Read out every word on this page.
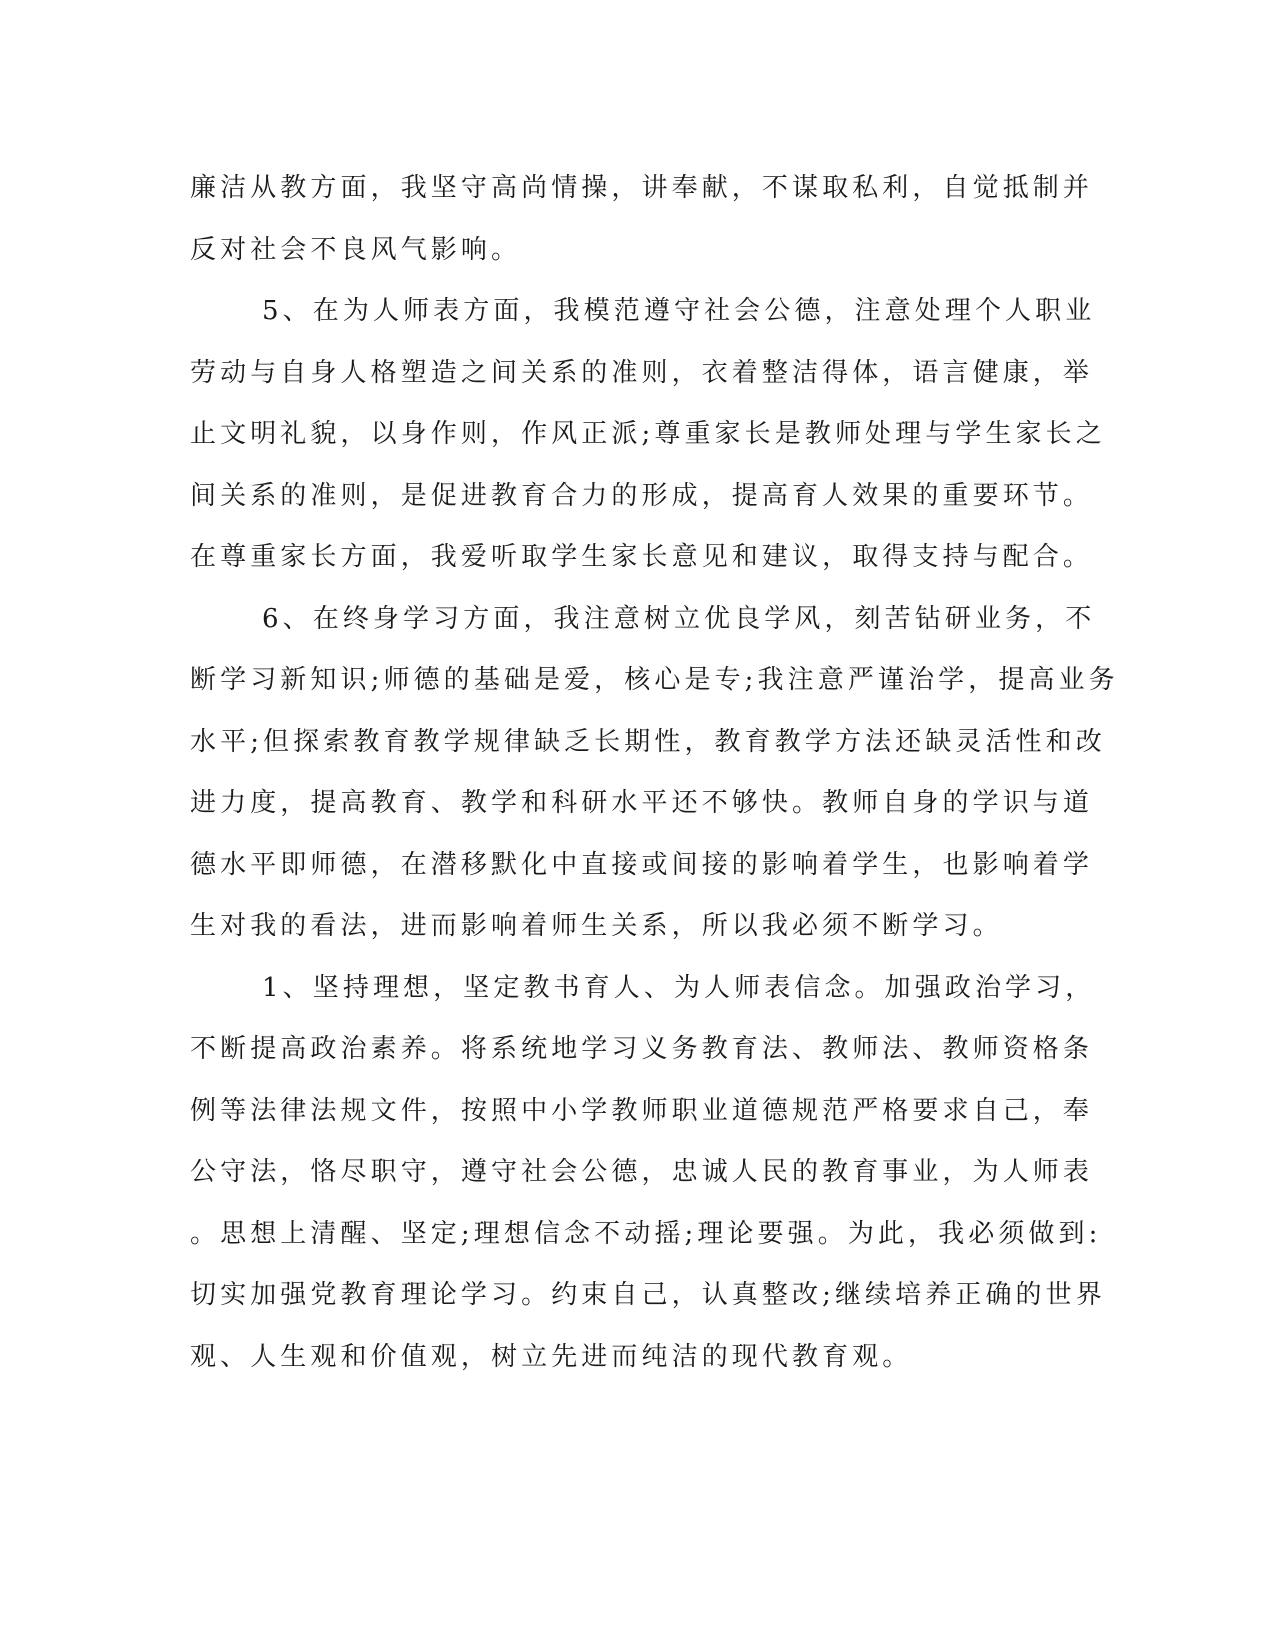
廉洁从教方面，我坚守高尚情操，讲奉献，不谋取私利，自觉抵制并
反对社会不良风气影响。
5、在为人师表方面，我模范遵守社会公德，注意处理个人职业
劳动与自身人格塑造之间关系的准则，衣着整洁得体，语言健康，举
止文明礼貌，以身作则，作风正派;尊重家长是教师处理与学生家长之
间关系的准则，是促进教育合力的形成，提高育人效果的重要环节。
在尊重家长方面，我爱听取学生家长意见和建议，取得支持与配合。
6、在终身学习方面，我注意树立优良学风，刻苦钻研业务，不
断学习新知识;师德的基础是爱，核心是专;我注意严谨治学，提高业务
水平;但探索教育教学规律缺乏长期性，教育教学方法还缺灵活性和改
进力度，提高教育、教学和科研水平还不够快。教师自身的学识与道
德水平即师德，在潜移默化中直接或间接的影响着学生，也影响着学
生对我的看法，进而影响着师生关系，所以我必须不断学习。
1、坚持理想，坚定教书育人、为人师表信念。加强政治学习，
不断提高政治素养。将系统地学习义务教育法、教师法、教师资格条
例等法律法规文件，按照中小学教师职业道德规范严格要求自己，奉
公守法，恪尽职守，遵守社会公德，忠诚人民的教育事业，为人师表
。思想上清醒、坚定;理想信念不动摇;理论要强。为此，我必须做到:
切实加强党教育理论学习。约束自己，认真整改;继续培养正确的世界
观、人生观和价值观，树立先进而纯洁的现代教育观。
